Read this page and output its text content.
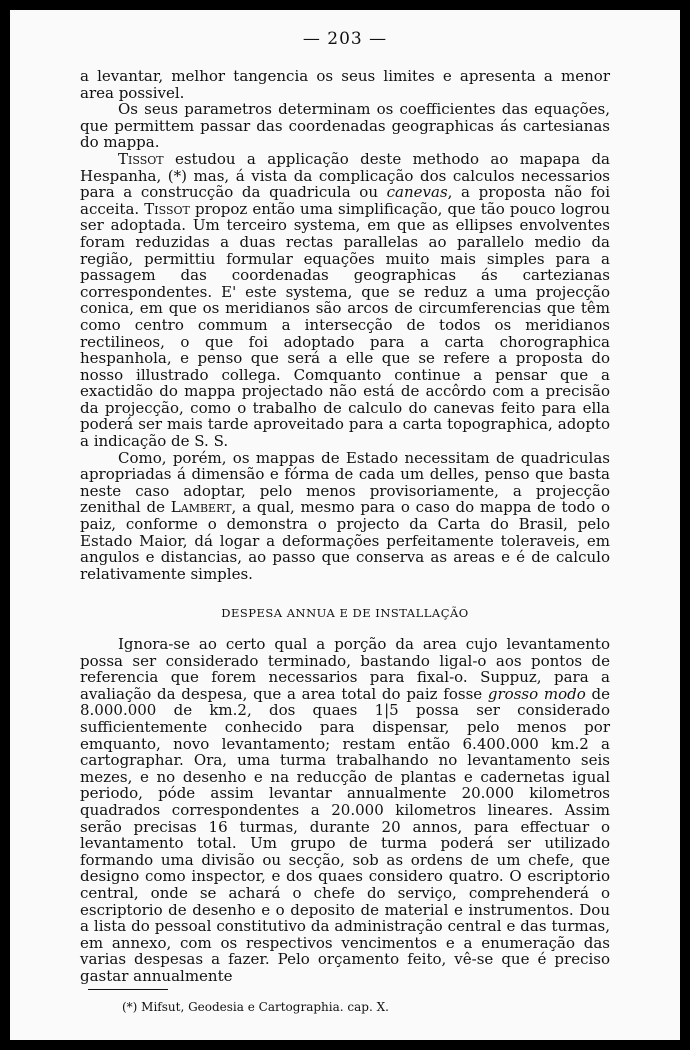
— 203 —

a levantar, melhor tangencia os seus limites e apresenta a menor area possivel.

Os seus parametros determinam os coefficientes das equações, que permittem passar das coordenadas geographicas ás cartesianas do mappa.

Tissot estudou a applicação deste methodo ao mapapa da Hespanha, (*) mas, á vista da complicação dos calculos necessarios para a construcção da quadricula ou canevas, a proposta não foi acceita. Tissot propoz então uma simplificação, que tão pouco logrou ser adoptada. Um terceiro systema, em que as ellipses envolventes foram reduzidas a duas rectas parallelas ao parallelo medio da região, permittiu formular equações muito mais simples para a passagem das coordenadas geographicas ás cartezianas correspondentes. E' este systema, que se reduz a uma projecção conica, em que os meridianos são arcos de circumferencias que têm como centro commum a intersecção de todos os meridianos rectilineos, o que foi adoptado para a carta chorographica hespanhola, e penso que será a elle que se refere a proposta do nosso illustrado collega. Comquanto continue a pensar que a exactidão do mappa projectado não está de accôrdo com a precisão da projecção, como o trabalho de calculo do canevas feito para ella poderá ser mais tarde aproveitado para a carta topographica, adopto a indicação de S. S.

Como, porém, os mappas de Estado necessitam de quadriculas apropriadas á dimensão e fórma de cada um delles, penso que basta neste caso adoptar, pelo menos provisoriamente, a projecção zenithal de Lambert, a qual, mesmo para o caso do mappa de todo o paiz, conforme o demonstra o projecto da Carta do Brasil, pelo Estado Maior, dá logar a deformações perfeitamente toleraveis, em angulos e distancias, ao passo que conserva as areas e é de calculo relativamente simples.

DESPESA ANNUA E DE INSTALLAÇÃO

Ignora-se ao certo qual a porção da area cujo levantamento possa ser considerado terminado, bastando ligal-o aos pontos de referencia que forem necessarios para fixal-o. Suppuz, para a avaliação da despesa, que a area total do paiz fosse grosso modo de 8.000.000 de km.2, dos quaes 1|5 possa ser considerado sufficientemente conhecido para dispensar, pelo menos por emquanto, novo levantamento; restam então 6.400.000 km.2 a cartographar. Ora, uma turma trabalhando no levantamento seis mezes, e no desenho e na reducção de plantas e cadernetas igual periodo, póde assim levantar annualmente 20.000 kilometros quadrados correspondentes a 20.000 kilometros lineares. Assim serão precisas 16 turmas, durante 20 annos, para effectuar o levantamento total. Um grupo de turma poderá ser utilizado formando uma divisão ou secção, sob as ordens de um chefe, que designo como inspector, e dos quaes considero quatro. O escriptorio central, onde se achará o chefe do serviço, comprehenderá o escriptorio de desenho e o deposito de material e instrumentos. Dou a lista do pessoal constitutivo da administração central e das turmas, em annexo, com os respectivos vencimentos e a enumeração das varias despesas a fazer. Pelo orçamento feito, vê-se que é preciso gastar annualmente

(*) Mifsut, Geodesia e Cartographia. cap. X.
